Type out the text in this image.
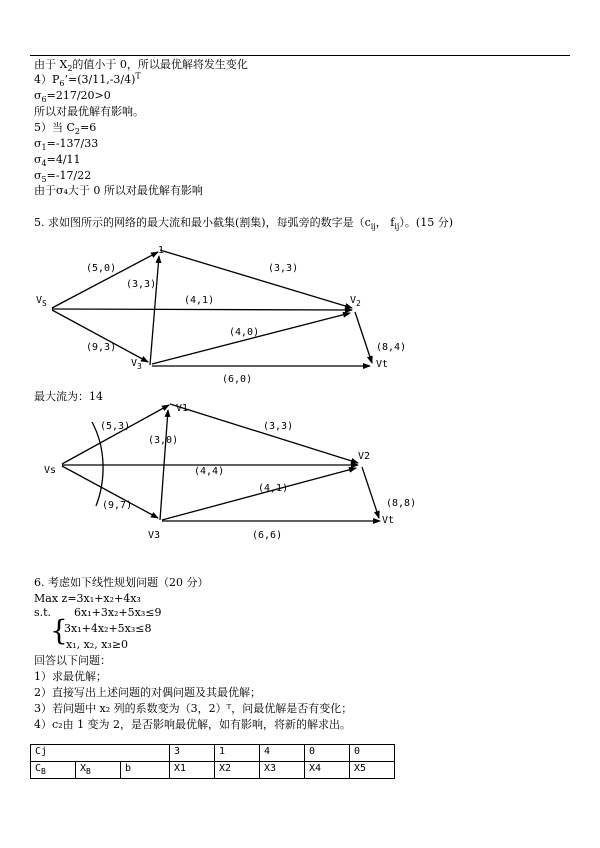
由于 $X_2$的值小于 0，所以最优解将发生变化
$4)P_6’=(3/11,-3/4)^T$
$\sigma_6=217/20>0$
所以对最优解有影响。
5）当 $C_2=6$
$\sigma_1=-137/33$
$\sigma_4=4/11$
$\sigma_5=-17/22$
由于σ₄大于 0 所以对最优解有影响
5. 求如图所示的网络的最大流和最小截集(割集)，每弧旁的数字是（$c_{ij}$， $f_{ij}$）。(15 分)
$V_S$
1
$V_2$
$V_3$	Vt
(5,0)	(3,3)
(3,3)
(4,1)
(4,0)
(9,3)	(8,4)
(6,0)
最大流为：14
Vs
V1
V2
V3
Vt
(5,3)	(3,3)
(3,0)
(4,4)
(4,1)
(9,7)	(8,8)
(6,6)
6. 考虑如下线性规划问题（20 分）
Max z=3x₁+x₂+4x₃
s.t.
{
6x₁+3x₂+5x₃≤9
3x₁+4x₂+5x₃≤8
x₁, x₂, x₃≥0
回答以下问题：
1）求最优解；
2）直接写出上述问题的对偶问题及其最优解；
3）若问题中 x₂ 列的系数变为（3，2）ᵀ，问最优解是否有变化；
4）c₂由 1 变为 2，是否影响最优解，如有影响，将新的解求出。
Cj			3	1	4	0	0
$C_B$	$X_B$	b	X1	X2	X3	X4	X5
